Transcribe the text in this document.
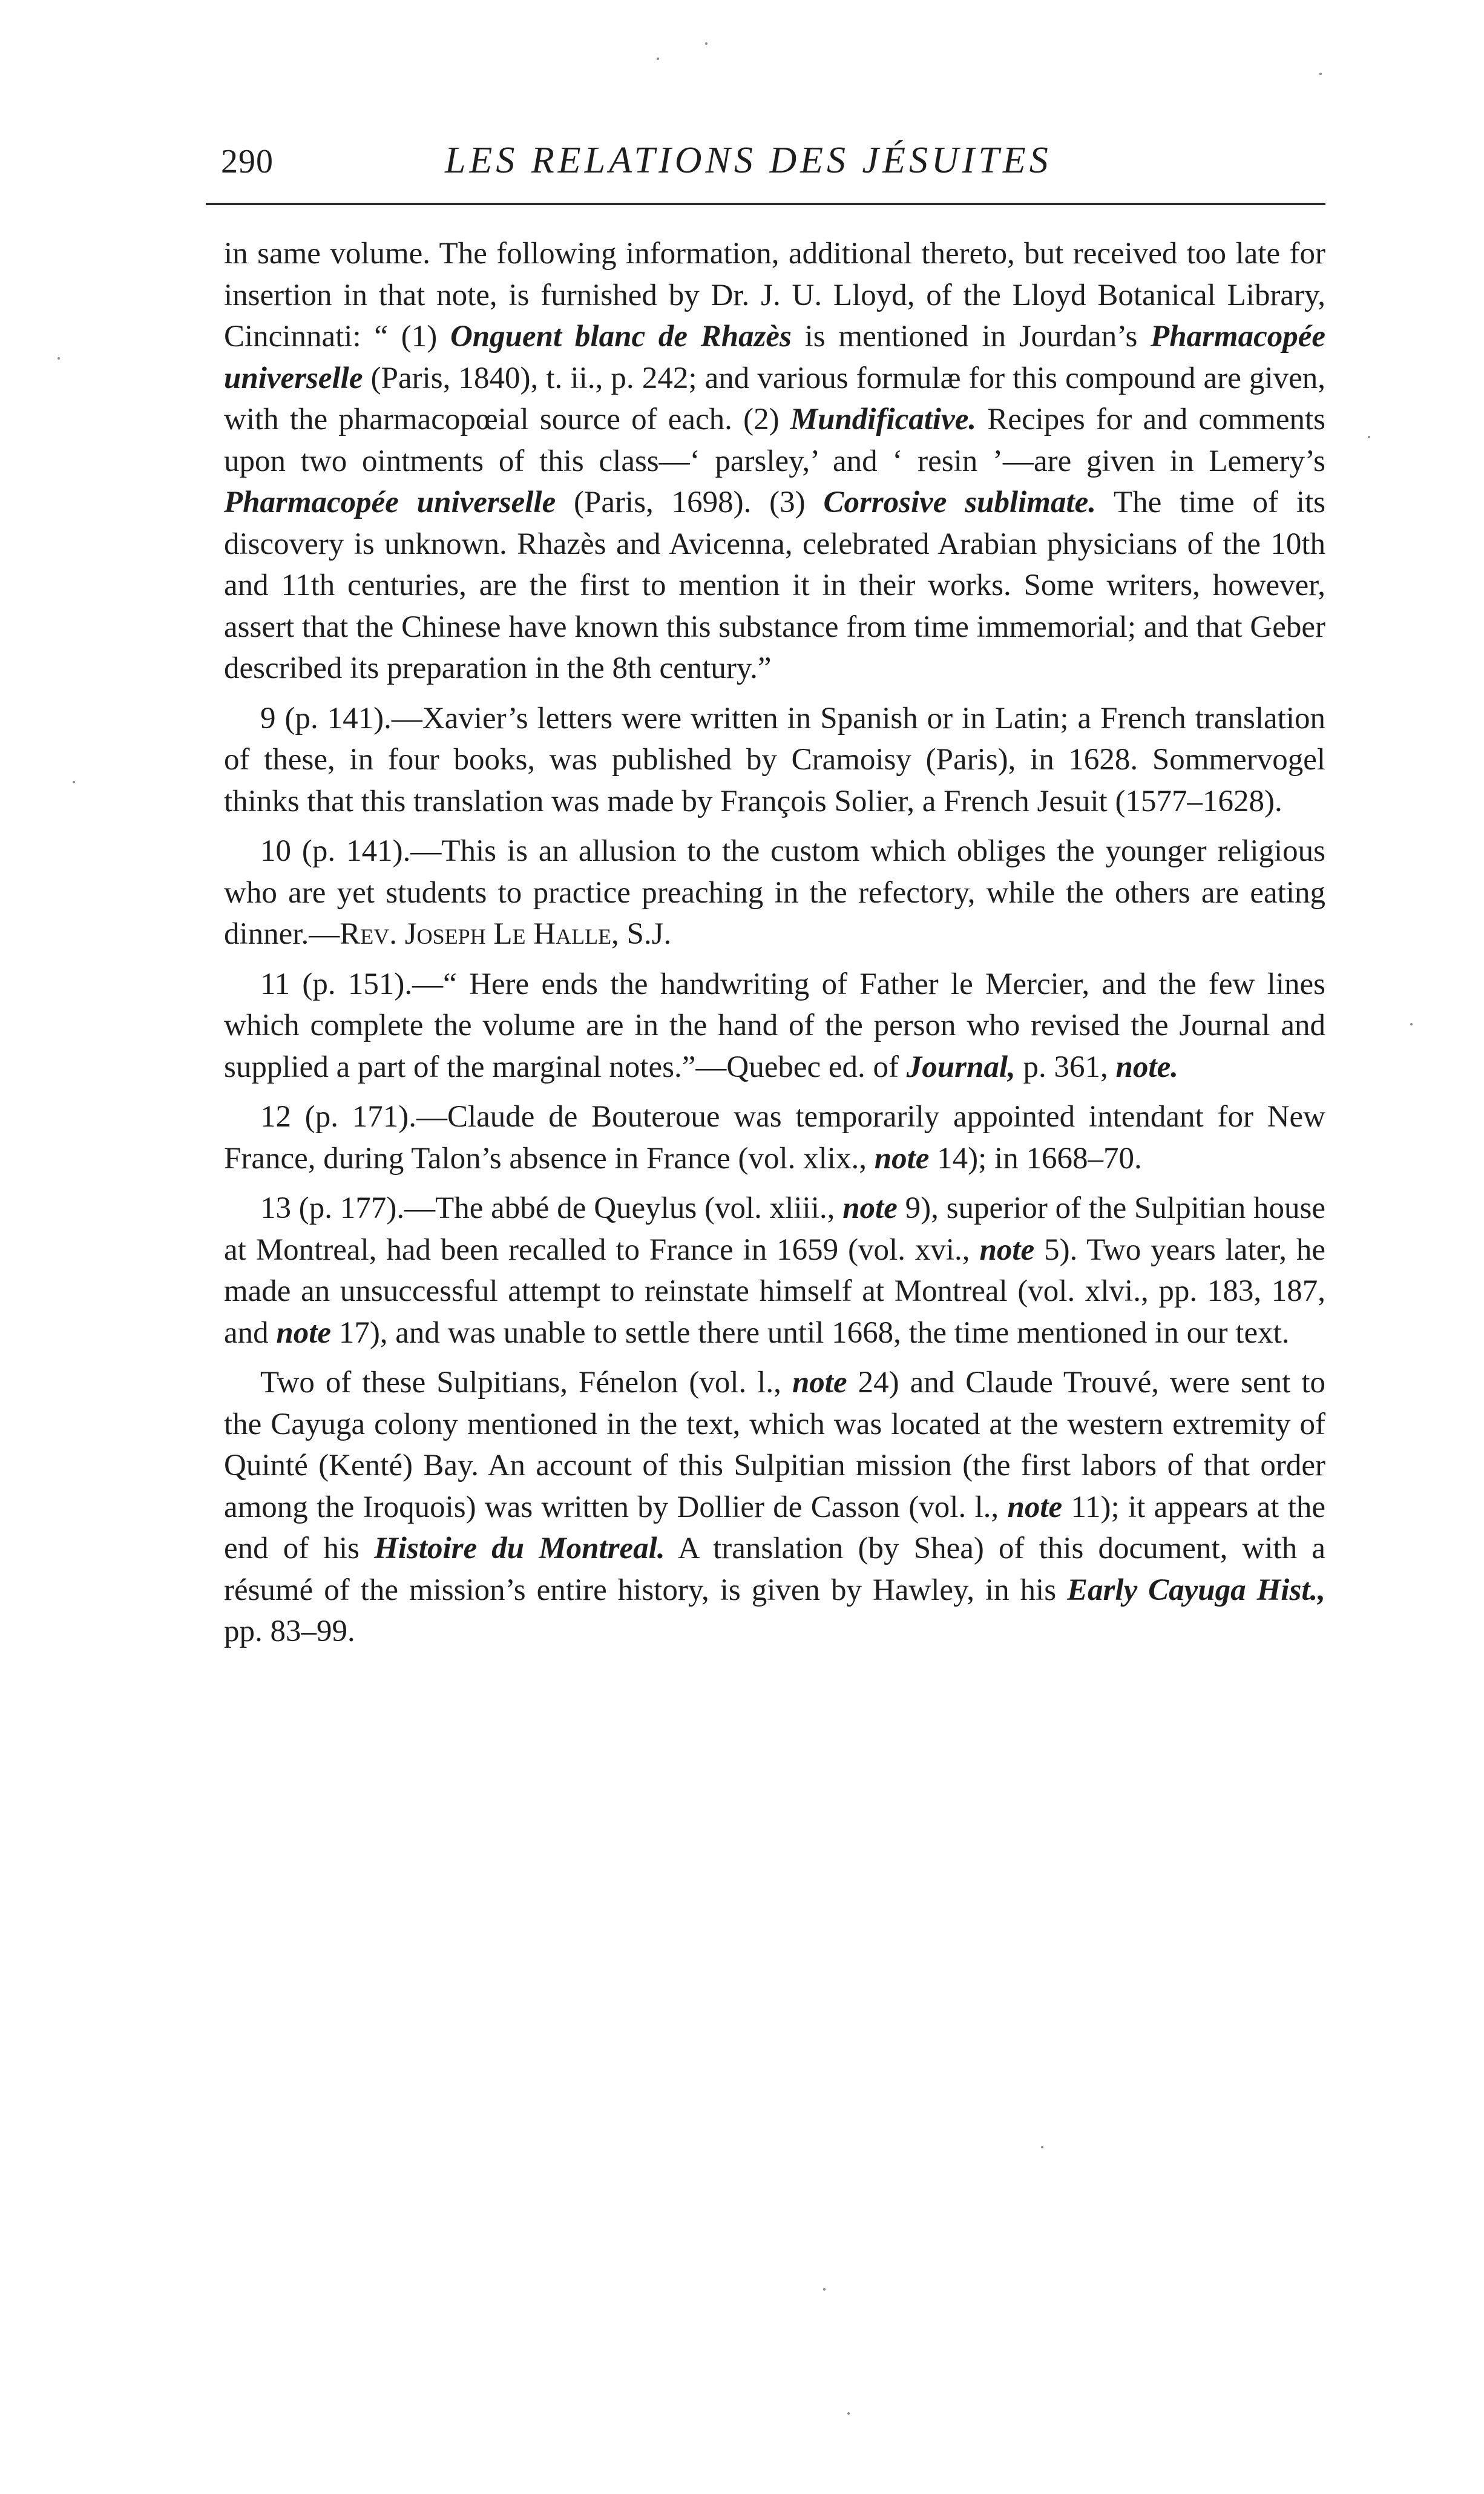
290	LES RELATIONS DES JÉSUITES

in same volume. The following information, additional thereto, but received too late for insertion in that note, is furnished by Dr. J. U. Lloyd, of the Lloyd Botanical Library, Cincinnati: “ (1) Onguent blanc de Rhazès is mentioned in Jourdan’s Pharmacopée universelle (Paris, 1840), t. ii., p. 242; and various formulæ for this compound are given, with the pharmacopœial source of each. (2) Mundificative. Recipes for and comments upon two ointments of this class—‘ parsley,’ and ‘ resin ’—are given in Lemery’s Pharmacopée universelle (Paris, 1698). (3) Corrosive sublimate. The time of its discovery is unknown. Rhazès and Avicenna, celebrated Arabian physicians of the 10th and 11th centuries, are the first to mention it in their works. Some writers, however, assert that the Chinese have known this substance from time immemorial; and that Geber described its preparation in the 8th century.”

9 (p. 141).—Xavier’s letters were written in Spanish or in Latin; a French translation of these, in four books, was published by Cramoisy (Paris), in 1628. Sommervogel thinks that this translation was made by François Solier, a French Jesuit (1577–1628).

10 (p. 141).—This is an allusion to the custom which obliges the younger religious who are yet students to practice preaching in the refectory, while the others are eating dinner.—Rev. Joseph Le Halle, S.J.

11 (p. 151).—“ Here ends the handwriting of Father le Mercier, and the few lines which complete the volume are in the hand of the person who revised the Journal and supplied a part of the marginal notes.”—Quebec ed. of Journal, p. 361, note.

12 (p. 171).—Claude de Bouteroue was temporarily appointed intendant for New France, during Talon’s absence in France (vol. xlix., note 14); in 1668–70.

13 (p. 177).—The abbé de Queylus (vol. xliii., note 9), superior of the Sulpitian house at Montreal, had been recalled to France in 1659 (vol. xvi., note 5). Two years later, he made an unsuccessful attempt to reinstate himself at Montreal (vol. xlvi., pp. 183, 187, and note 17), and was unable to settle there until 1668, the time mentioned in our text.

Two of these Sulpitians, Fénelon (vol. l., note 24) and Claude Trouvé, were sent to the Cayuga colony mentioned in the text, which was located at the western extremity of Quinté (Kenté) Bay. An account of this Sulpitian mission (the first labors of that order among the Iroquois) was written by Dollier de Casson (vol. l., note 11); it appears at the end of his Histoire du Montreal. A translation (by Shea) of this document, with a résumé of the mission’s entire history, is given by Hawley, in his Early Cayuga Hist., pp. 83–99.
